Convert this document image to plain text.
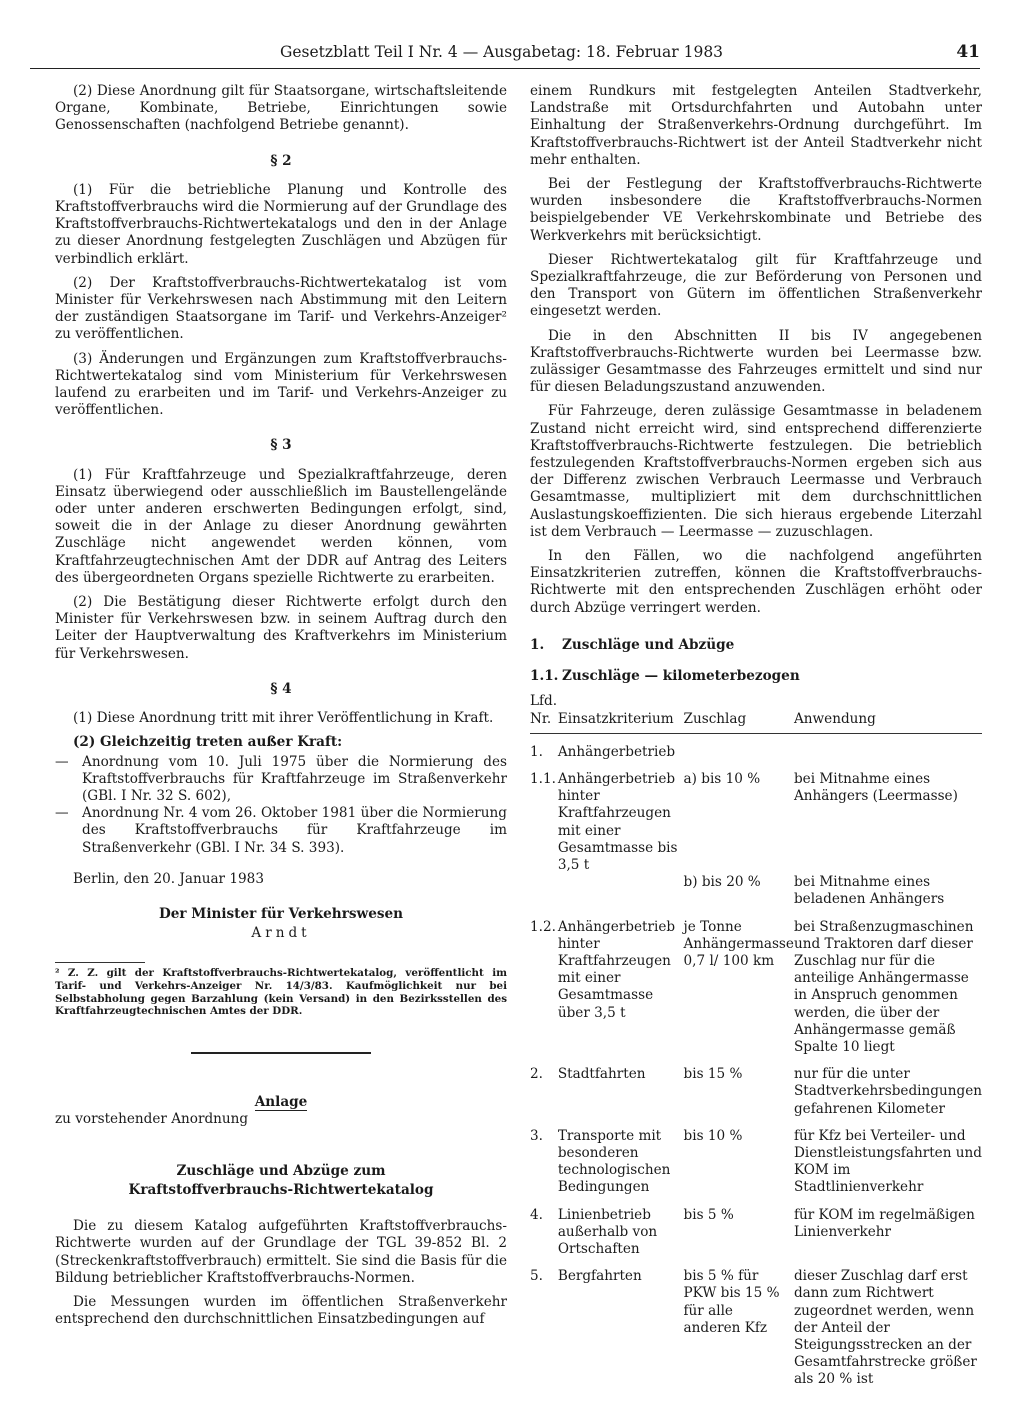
Gesetzblatt Teil I Nr. 4 — Ausgabetag: 18. Februar 1983	41

(2) Diese Anordnung gilt für Staatsorgane, wirtschaftsleitende Organe, Kombinate, Betriebe, Einrichtungen sowie Genossenschaften (nachfolgend Betriebe genannt).

§ 2

(1) Für die betriebliche Planung und Kontrolle des Kraftstoffverbrauchs wird die Normierung auf der Grundlage des Kraftstoffverbrauchs-Richtwertekatalogs und den in der Anlage zu dieser Anordnung festgelegten Zuschlägen und Abzügen für verbindlich erklärt.

(2) Der Kraftstoffverbrauchs-Richtwertekatalog ist vom Minister für Verkehrswesen nach Abstimmung mit den Leitern der zuständigen Staatsorgane im Tarif- und Verkehrs-Anzeiger² zu veröffentlichen.

(3) Änderungen und Ergänzungen zum Kraftstoffverbrauchs-Richtwertekatalog sind vom Ministerium für Verkehrswesen laufend zu erarbeiten und im Tarif- und Verkehrs-Anzeiger zu veröffentlichen.

§ 3

(1) Für Kraftfahrzeuge und Spezialkraftfahrzeuge, deren Einsatz überwiegend oder ausschließlich im Baustellengelände oder unter anderen erschwerten Bedingungen erfolgt, sind, soweit die in der Anlage zu dieser Anordnung gewährten Zuschläge nicht angewendet werden können, vom Kraftfahrzeugtechnischen Amt der DDR auf Antrag des Leiters des übergeordneten Organs spezielle Richtwerte zu erarbeiten.

(2) Die Bestätigung dieser Richtwerte erfolgt durch den Minister für Verkehrswesen bzw. in seinem Auftrag durch den Leiter der Hauptverwaltung des Kraftverkehrs im Ministerium für Verkehrswesen.

§ 4

(1) Diese Anordnung tritt mit ihrer Veröffentlichung in Kraft.

(2) Gleichzeitig treten außer Kraft:

— Anordnung vom 10. Juli 1975 über die Normierung des Kraftstoffverbrauchs für Kraftfahrzeuge im Straßenverkehr (GBl. I Nr. 32 S. 602),
— Anordnung Nr. 4 vom 26. Oktober 1981 über die Normierung des Kraftstoffverbrauchs für Kraftfahrzeuge im Straßenverkehr (GBl. I Nr. 34 S. 393).
Berlin, den 20. Januar 1983
Der Minister für Verkehrswesen
Arndt

² Z. Z. gilt der Kraftstoffverbrauchs-Richtwertekatalog, veröffentlicht im Tarif- und Verkehrs-Anzeiger Nr. 14/3/83. Kaufmöglichkeit nur bei Selbstabholung gegen Barzahlung (kein Versand) in den Bezirksstellen des Kraftfahrzeugtechnischen Amtes der DDR.

Anlage

zu vorstehender Anordnung

Zuschläge und Abzüge zum
Kraftstoffverbrauchs-Richtwertekatalog

Die zu diesem Katalog aufgeführten Kraftstoffverbrauchs-Richtwerte wurden auf der Grundlage der TGL 39-852 Bl. 2 (Streckenkraftstoffverbrauch) ermittelt. Sie sind die Basis für die Bildung betrieblicher Kraftstoffverbrauchs-Normen.

Die Messungen wurden im öffentlichen Straßenverkehr entsprechend den durchschnittlichen Einsatzbedingungen auf

einem Rundkurs mit festgelegten Anteilen Stadtverkehr, Landstraße mit Ortsdurchfahrten und Autobahn unter Einhaltung der Straßenverkehrs-Ordnung durchgeführt. Im Kraftstoffverbrauchs-Richtwert ist der Anteil Stadtverkehr nicht mehr enthalten.

Bei der Festlegung der Kraftstoffverbrauchs-Richtwerte wurden insbesondere die Kraftstoffverbrauchs-Normen beispielgebender VE Verkehrskombinate und Betriebe des Werkverkehrs mit berücksichtigt.

Dieser Richtwertekatalog gilt für Kraftfahrzeuge und Spezialkraftfahrzeuge, die zur Beförderung von Personen und den Transport von Gütern im öffentlichen Straßenverkehr eingesetzt werden.

Die in den Abschnitten II bis IV angegebenen Kraftstoffverbrauchs-Richtwerte wurden bei Leermasse bzw. zulässiger Gesamtmasse des Fahrzeuges ermittelt und sind nur für diesen Beladungszustand anzuwenden.

Für Fahrzeuge, deren zulässige Gesamtmasse in beladenem Zustand nicht erreicht wird, sind entsprechend differenzierte Kraftstoffverbrauchs-Richtwerte festzulegen. Die betrieblich festzulegenden Kraftstoffverbrauchs-Normen ergeben sich aus der Differenz zwischen Verbrauch Leermasse und Verbrauch Gesamtmasse, multipliziert mit dem durchschnittlichen Auslastungskoeffizienten. Die sich hieraus ergebende Literzahl ist dem Verbrauch — Leermasse — zuzuschlagen.

In den Fällen, wo die nachfolgend angeführten Einsatzkriterien zutreffen, können die Kraftstoffverbrauchs-Richtwerte mit den entsprechenden Zuschlägen erhöht oder durch Abzüge verringert werden.

1.	Zuschläge und Abzüge
1.1. Zuschläge — kilometerbezogen
Lfd. Nr.	Einsatzkriterium	Zuschlag	Anwendung
1.	Anhängerbetrieb		
1.1.	Anhängerbetrieb hinter Kraftfahrzeugen mit einer Gesamtmasse bis 3,5 t	a) bis 10 %	bei Mitnahme eines Anhängers (Leermasse)
		b) bis 20 %	bei Mitnahme eines beladenen Anhängers
1.2.	Anhängerbetrieb hinter Kraftfahrzeugen mit einer Gesamtmasse über 3,5 t	je Tonne Anhängermasse 0,7 l/ 100 km	bei Straßenzugmaschinen und Traktoren darf dieser Zuschlag nur für die anteilige Anhängermasse in Anspruch genommen werden, die über der Anhängermasse gemäß Spalte 10 liegt
2.	Stadtfahrten	bis 15 %	nur für die unter Stadtverkehrsbedingungen gefahrenen Kilometer
3.	Transporte mit besonderen technologischen Bedingungen	bis 10 %	für Kfz bei Verteiler- und Dienstleistungsfahrten und KOM im Stadtlinienverkehr
4.	Linienbetrieb außerhalb von Ortschaften	bis 5 %	für KOM im regelmäßigen Linienverkehr
5.	Bergfahrten	bis 5 % für PKW bis 15 % für alle anderen Kfz	dieser Zuschlag darf erst dann zum Richtwert zugeordnet werden, wenn der Anteil der Steigungsstrecken an der Gesamtfahrstrecke größer als 20 % ist
